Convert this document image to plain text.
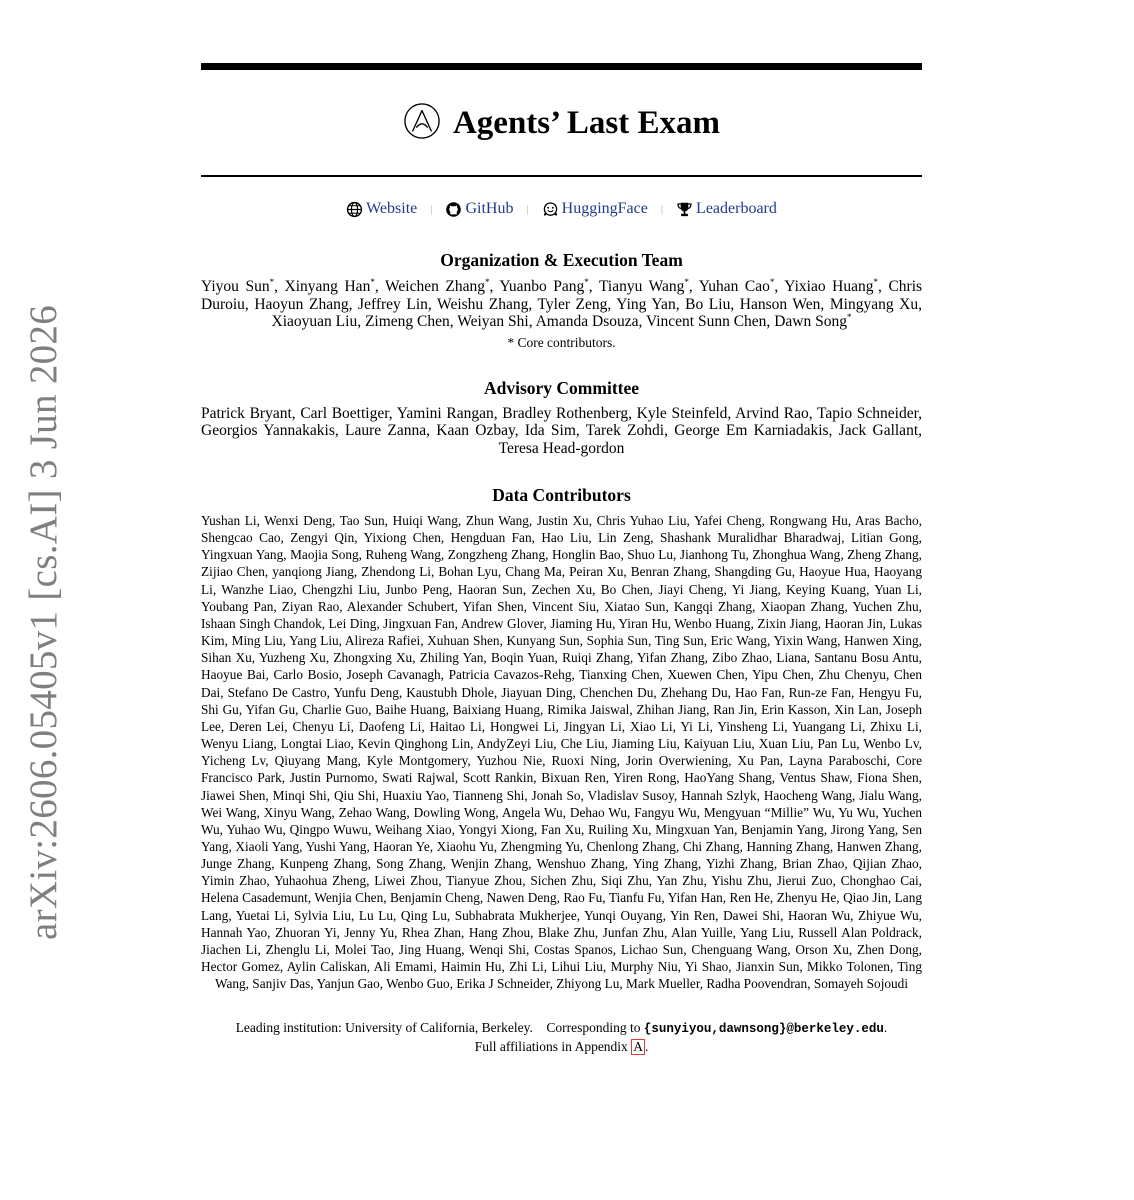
arXiv:2606.05405v1 [cs.AI] 3 Jun 2026
Agents’ Last Exam
Website | GitHub | HuggingFace | Leaderboard
Organization & Execution Team
Yiyou Sun*, Xinyang Han*, Weichen Zhang*, Yuanbo Pang*, Tianyu Wang*, Yuhan Cao*, Yixiao Huang*, Chris Duroiu, Haoyun Zhang, Jeffrey Lin, Weishu Zhang, Tyler Zeng, Ying Yan, Bo Liu, Hanson Wen, Mingyang Xu, Xiaoyuan Liu, Zimeng Chen, Weiyan Shi, Amanda Dsouza, Vincent Sunn Chen, Dawn Song*
* Core contributors.
Advisory Committee
Patrick Bryant, Carl Boettiger, Yamini Rangan, Bradley Rothenberg, Kyle Steinfeld, Arvind Rao, Tapio Schneider, Georgios Yannakakis, Laure Zanna, Kaan Ozbay, Ida Sim, Tarek Zohdi, George Em Karniadakis, Jack Gallant, Teresa Head-gordon
Data Contributors
Yushan Li, Wenxi Deng, Tao Sun, Huiqi Wang, Zhun Wang, Justin Xu, Chris Yuhao Liu, Yafei Cheng, Rongwang Hu, Aras Bacho, Shengcao Cao, Zengyi Qin, Yixiong Chen, Hengduan Fan, Hao Liu, Lin Zeng, Shashank Muralidhar Bharadwaj, Litian Gong, Yingxuan Yang, Maojia Song, Ruheng Wang, Zongzheng Zhang, Honglin Bao, Shuo Lu, Jianhong Tu, Zhonghua Wang, Zheng Zhang, Zijiao Chen, yanqiong Jiang, Zhendong Li, Bohan Lyu, Chang Ma, Peiran Xu, Benran Zhang, Shangding Gu, Haoyue Hua, Haoyang Li, Wanzhe Liao, Chengzhi Liu, Junbo Peng, Haoran Sun, Zechen Xu, Bo Chen, Jiayi Cheng, Yi Jiang, Keying Kuang, Yuan Li, Youbang Pan, Ziyan Rao, Alexander Schubert, Yifan Shen, Vincent Siu, Xiatao Sun, Kangqi Zhang, Xiaopan Zhang, Yuchen Zhu, Ishaan Singh Chandok, Lei Ding, Jingxuan Fan, Andrew Glover, Jiaming Hu, Yiran Hu, Wenbo Huang, Zixin Jiang, Haoran Jin, Lukas Kim, Ming Liu, Yang Liu, Alireza Rafiei, Xuhuan Shen, Kunyang Sun, Sophia Sun, Ting Sun, Eric Wang, Yixin Wang, Hanwen Xing, Sihan Xu, Yuzheng Xu, Zhongxing Xu, Zhiling Yan, Boqin Yuan, Ruiqi Zhang, Yifan Zhang, Zibo Zhao, Liana, Santanu Bosu Antu, Haoyue Bai, Carlo Bosio, Joseph Cavanagh, Patricia Cavazos-Rehg, Tianxing Chen, Xuewen Chen, Yipu Chen, Zhu Chenyu, Chen Dai, Stefano De Castro, Yunfu Deng, Kaustubh Dhole, Jiayuan Ding, Chenchen Du, Zhehang Du, Hao Fan, Run-ze Fan, Hengyu Fu, Shi Gu, Yifan Gu, Charlie Guo, Baihe Huang, Baixiang Huang, Rimika Jaiswal, Zhihan Jiang, Ran Jin, Erin Kasson, Xin Lan, Joseph Lee, Deren Lei, Chenyu Li, Daofeng Li, Haitao Li, Hongwei Li, Jingyan Li, Xiao Li, Yi Li, Yinsheng Li, Yuangang Li, Zhixu Li, Wenyu Liang, Longtai Liao, Kevin Qinghong Lin, AndyZeyi Liu, Che Liu, Jiaming Liu, Kaiyuan Liu, Xuan Liu, Pan Lu, Wenbo Lv, Yicheng Lv, Qiuyang Mang, Kyle Montgomery, Yuzhou Nie, Ruoxi Ning, Jorin Overwiening, Xu Pan, Layna Paraboschi, Core Francisco Park, Justin Purnomo, Swati Rajwal, Scott Rankin, Bixuan Ren, Yiren Rong, HaoYang Shang, Ventus Shaw, Fiona Shen, Jiawei Shen, Minqi Shi, Qiu Shi, Huaxiu Yao, Tianneng Shi, Jonah So, Vladislav Susoy, Hannah Szlyk, Haocheng Wang, Jialu Wang, Wei Wang, Xinyu Wang, Zehao Wang, Dowling Wong, Angela Wu, Dehao Wu, Fangyu Wu, Mengyuan “Millie” Wu, Yu Wu, Yuchen Wu, Yuhao Wu, Qingpo Wuwu, Weihang Xiao, Yongyi Xiong, Fan Xu, Ruiling Xu, Mingxuan Yan, Benjamin Yang, Jirong Yang, Sen Yang, Xiaoli Yang, Yushi Yang, Haoran Ye, Xiaohu Yu, Zhengming Yu, Chenlong Zhang, Chi Zhang, Hanning Zhang, Hanwen Zhang, Junge Zhang, Kunpeng Zhang, Song Zhang, Wenjin Zhang, Wenshuo Zhang, Ying Zhang, Yizhi Zhang, Brian Zhao, Qijian Zhao, Yimin Zhao, Yuhaohua Zheng, Liwei Zhou, Tianyue Zhou, Sichen Zhu, Siqi Zhu, Yan Zhu, Yishu Zhu, Jierui Zuo, Chonghao Cai, Helena Casademunt, Wenjia Chen, Benjamin Cheng, Nawen Deng, Rao Fu, Tianfu Fu, Yifan Han, Ren He, Zhenyu He, Qiao Jin, Lang Lang, Yuetai Li, Sylvia Liu, Lu Lu, Qing Lu, Subhabrata Mukherjee, Yunqi Ouyang, Yin Ren, Dawei Shi, Haoran Wu, Zhiyue Wu, Hannah Yao, Zhuoran Yi, Jenny Yu, Rhea Zhan, Hang Zhou, Blake Zhu, Junfan Zhu, Alan Yuille, Yang Liu, Russell Alan Poldrack, Jiachen Li, Zhenglu Li, Molei Tao, Jing Huang, Wenqi Shi, Costas Spanos, Lichao Sun, Chenguang Wang, Orson Xu, Zhen Dong, Hector Gomez, Aylin Caliskan, Ali Emami, Haimin Hu, Zhi Li, Lihui Liu, Murphy Niu, Yi Shao, Jianxin Sun, Mikko Tolonen, Ting Wang, Sanjiv Das, Yanjun Gao, Wenbo Guo, Erika J Schneider, Zhiyong Lu, Mark Mueller, Radha Poovendran, Somayeh Sojoudi
Leading institution: University of California, Berkeley. Corresponding to {sunyiyou,dawnsong}@berkeley.edu.
Full affiliations in Appendix A .
